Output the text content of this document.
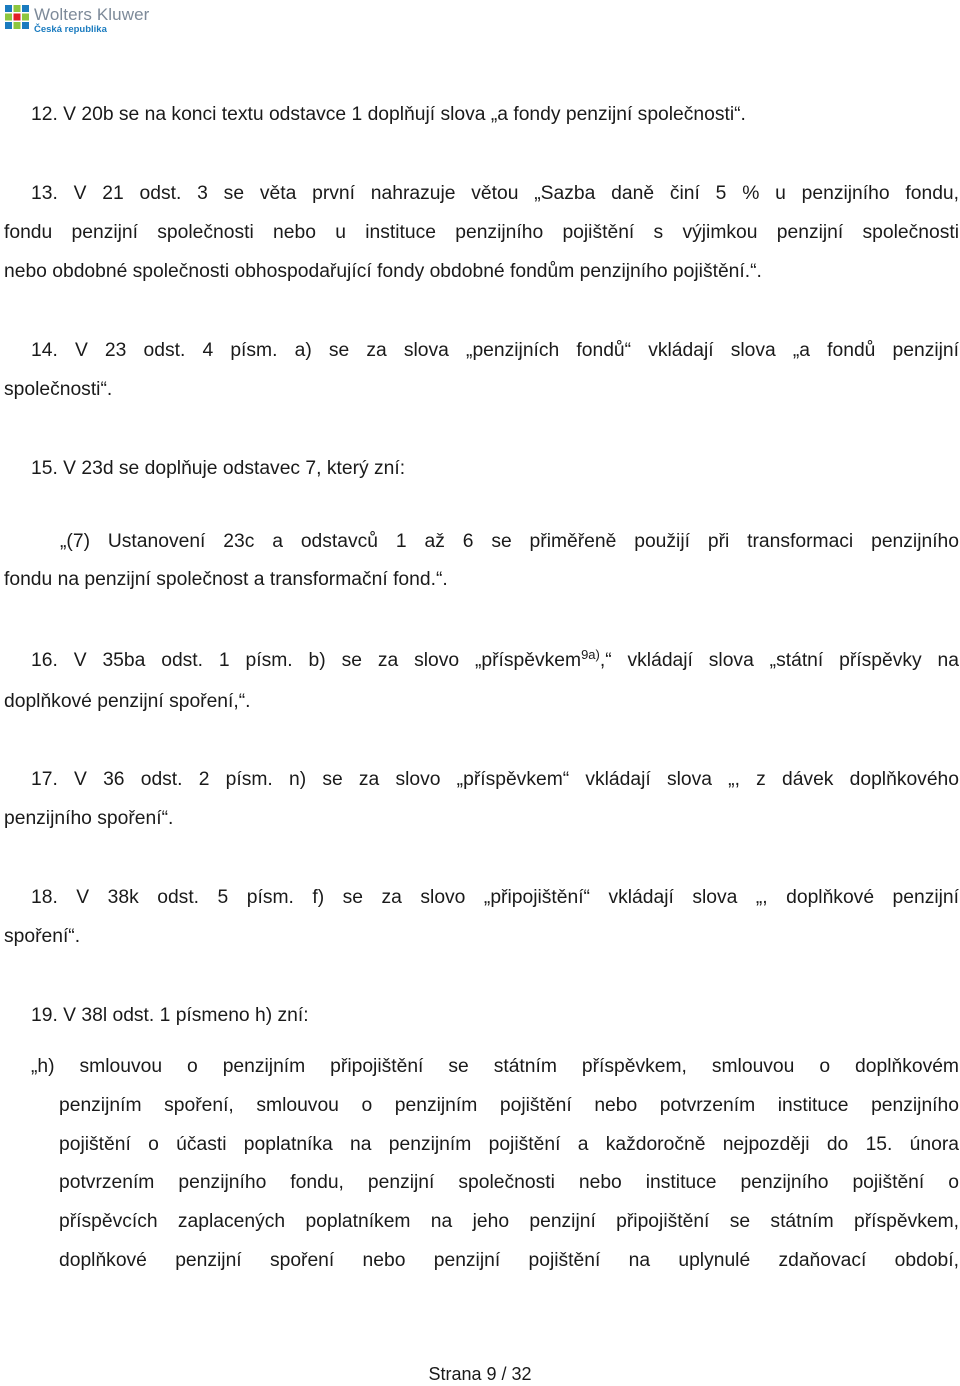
Wolters Kluwer
Česká republika
12. V 20b se na konci textu odstavce 1 doplňují slova „a fondy penzijní společnosti“.
13. V 21 odst. 3 se věta první nahrazuje větou „Sazba daně činí 5 % u penzijního fondu,
fondu penzijní společnosti nebo u instituce penzijního pojištění s výjimkou penzijní společnosti
nebo obdobné společnosti obhospodařující fondy obdobné fondům penzijního pojištění.“.
14. V 23 odst. 4 písm. a) se za slova „penzijních fondů“ vkládají slova „a fondů penzijní
společnosti“.
15. V 23d se doplňuje odstavec 7, který zní:
„(7) Ustanovení 23c a odstavců 1 až 6 se přiměřeně použijí při transformaci penzijního
fondu na penzijní společnost a transformační fond.“.
16. V 35ba odst. 1 písm. b) se za slovo „příspěvkem$^{9a)}$,“ vkládají slova „státní příspěvky na
doplňkové penzijní spoření,“.
17. V 36 odst. 2 písm. n) se za slovo „příspěvkem“ vkládají slova „, z dávek doplňkového
penzijního spoření“.
18. V 38k odst. 5 písm. f) se za slovo „připojištění“ vkládají slova „, doplňkové penzijní
spoření“.
19. V 38l odst. 1 písmeno h) zní:
„h) smlouvou o penzijním připojištění se státním příspěvkem, smlouvou o doplňkovém
penzijním spoření, smlouvou o penzijním pojištění nebo potvrzením instituce penzijního
pojištění o účasti poplatníka na penzijním pojištění a každoročně nejpozději do 15. února
potvrzením penzijního fondu, penzijní společnosti nebo instituce penzijního pojištění o
příspěvcích zaplacených poplatníkem na jeho penzijní připojištění se státním příspěvkem,
doplňkové penzijní spoření nebo penzijní pojištění na uplynulé zdaňovací období,
Strana 9 / 32
